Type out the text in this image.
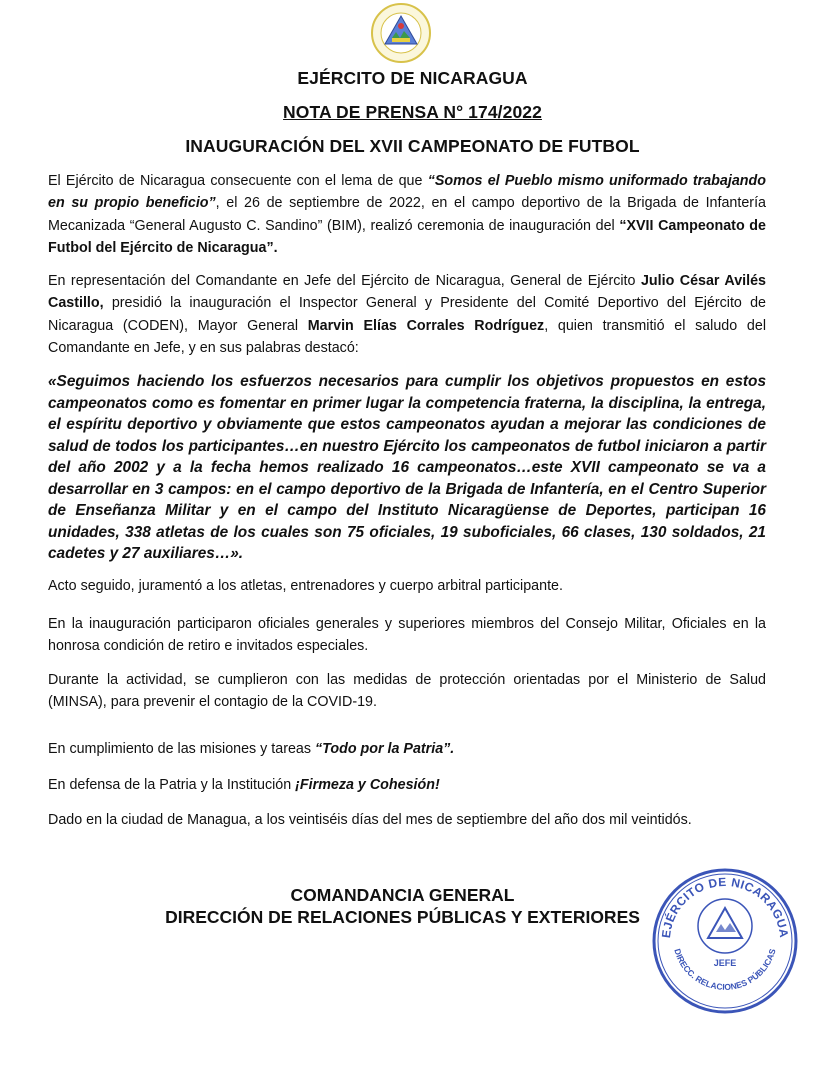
EJÉRCITO DE NICARAGUA
NOTA DE PRENSA N° 174/2022
INAUGURACIÓN DEL XVII CAMPEONATO DE FUTBOL

El Ejército de Nicaragua consecuente con el lema de que “Somos el Pueblo mismo uniformado trabajando en su propio beneficio”, el 26 de septiembre de 2022, en el campo deportivo de la Brigada de Infantería Mecanizada “General Augusto C. Sandino” (BIM), realizó ceremonia de inauguración del “XVII Campeonato de Futbol del Ejército de Nicaragua”.

En representación del Comandante en Jefe del Ejército de Nicaragua, General de Ejército Julio César Avilés Castillo, presidió la inauguración el Inspector General y Presidente del Comité Deportivo del Ejército de Nicaragua (CODEN), Mayor General Marvin Elías Corrales Rodríguez, quien transmitió el saludo del Comandante en Jefe, y en sus palabras destacó:

«Seguimos haciendo los esfuerzos necesarios para cumplir los objetivos propuestos en estos campeonatos como es fomentar en primer lugar la competencia fraterna, la disciplina, la entrega, el espíritu deportivo y obviamente que estos campeonatos ayudan a mejorar las condiciones de salud de todos los participantes…en nuestro Ejército los campeonatos de futbol iniciaron a partir del año 2002 y a la fecha hemos realizado 16 campeonatos…este XVII campeonato se va a desarrollar en 3 campos: en el campo deportivo de la Brigada de Infantería, en el Centro Superior de Enseñanza Militar y en el campo del Instituto Nicaragüense de Deportes, participan 16 unidades, 338 atletas de los cuales son 75 oficiales, 19 suboficiales, 66 clases, 130 soldados, 21 cadetes y 27 auxiliares…».
Acto seguido, juramentó a los atletas, entrenadores y cuerpo arbitral participante.
En la inauguración participaron oficiales generales y superiores miembros del Consejo Militar, Oficiales en la honrosa condición de retiro e invitados especiales.
Durante la actividad, se cumplieron con las medidas de protección orientadas por el Ministerio de Salud (MINSA), para prevenir el contagio de la COVID-19.
En cumplimiento de las misiones y tareas “Todo por la Patria”.
En defensa de la Patria y la Institución ¡Firmeza y Cohesión!
Dado en la ciudad de Managua, a los veintiséis días del mes de septiembre del año dos mil veintidós.
COMANDANCIA GENERAL
DIRECCIÓN DE RELACIONES PÚBLICAS Y EXTERIORES
JEFE
EJÉRCITO DE NICARAGUA
DIRECC. RELACIONES PÚBLICAS
